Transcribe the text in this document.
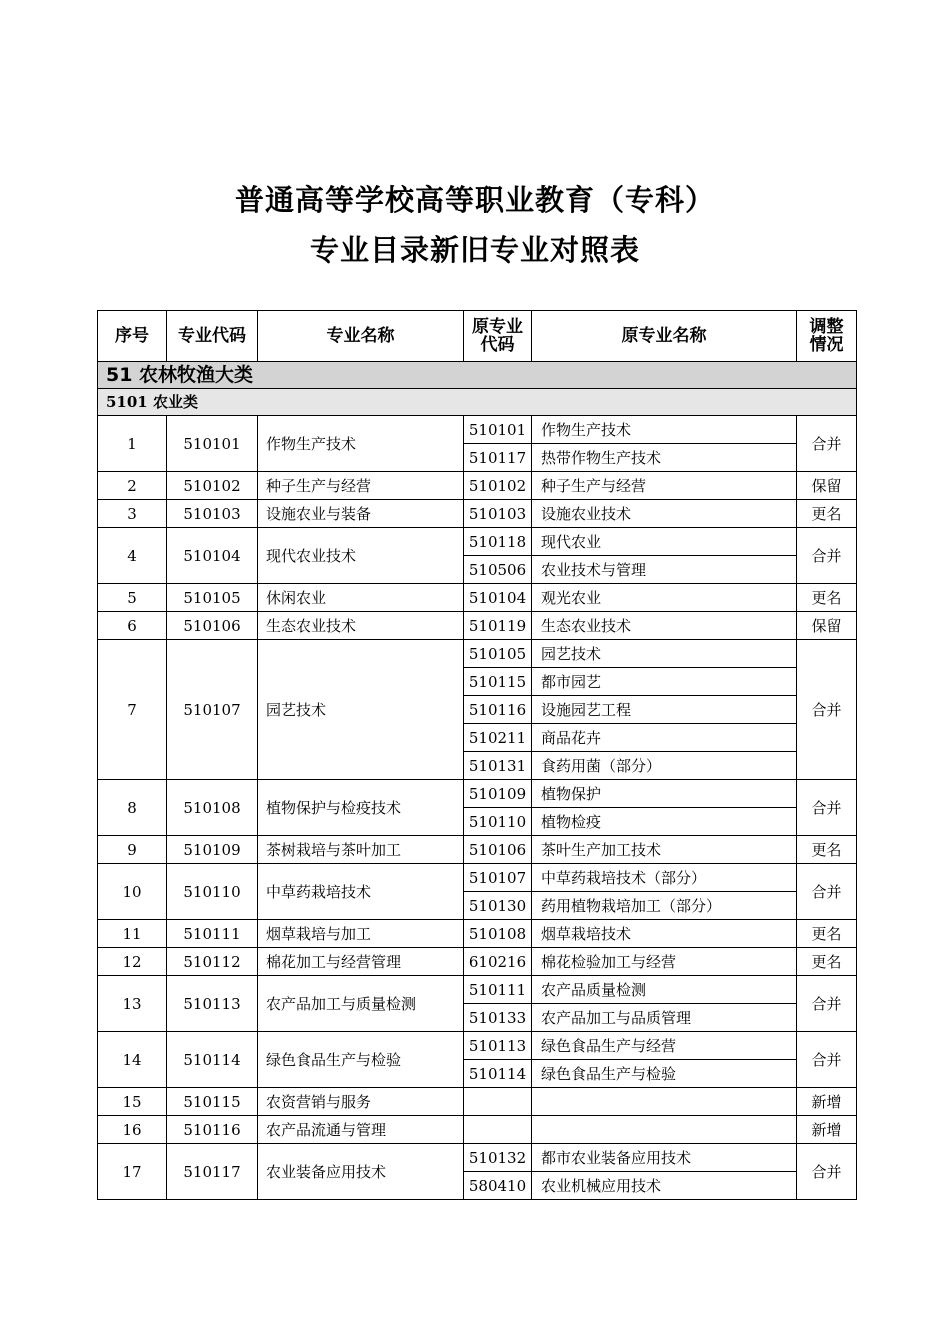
普通高等学校高等职业教育（专科）
专业目录新旧专业对照表
序号	专业代码	专业名称	原专业代码	原专业名称	调整情况
51 农林牧渔大类					
5101 农业类					
1	510101	作物生产技术	510101	作物生产技术	合并
			510117	热带作物生产技术	
2	510102	种子生产与经营	510102	种子生产与经营	保留
3	510103	设施农业与装备	510103	设施农业技术	更名
4	510104	现代农业技术	510118	现代农业	合并
			510506	农业技术与管理	
5	510105	休闲农业	510104	观光农业	更名
6	510106	生态农业技术	510119	生态农业技术	保留
7	510107	园艺技术	510105	园艺技术	合并
			510115	都市园艺	
			510116	设施园艺工程	
			510211	商品花卉	
			510131	食药用菌（部分）	
8	510108	植物保护与检疫技术	510109	植物保护	合并
			510110	植物检疫	
9	510109	茶树栽培与茶叶加工	510106	茶叶生产加工技术	更名
10	510110	中草药栽培技术	510107	中草药栽培技术（部分）	合并
			510130	药用植物栽培加工（部分）	
11	510111	烟草栽培与加工	510108	烟草栽培技术	更名
12	510112	棉花加工与经营管理	610216	棉花检验加工与经营	更名
13	510113	农产品加工与质量检测	510111	农产品质量检测	合并
			510133	农产品加工与品质管理	
14	510114	绿色食品生产与检验	510113	绿色食品生产与经营	合并
			510114	绿色食品生产与检验	
15	510115	农资营销与服务			新增
16	510116	农产品流通与管理			新增
17	510117	农业装备应用技术	510132	都市农业装备应用技术	合并
			580410	农业机械应用技术	
